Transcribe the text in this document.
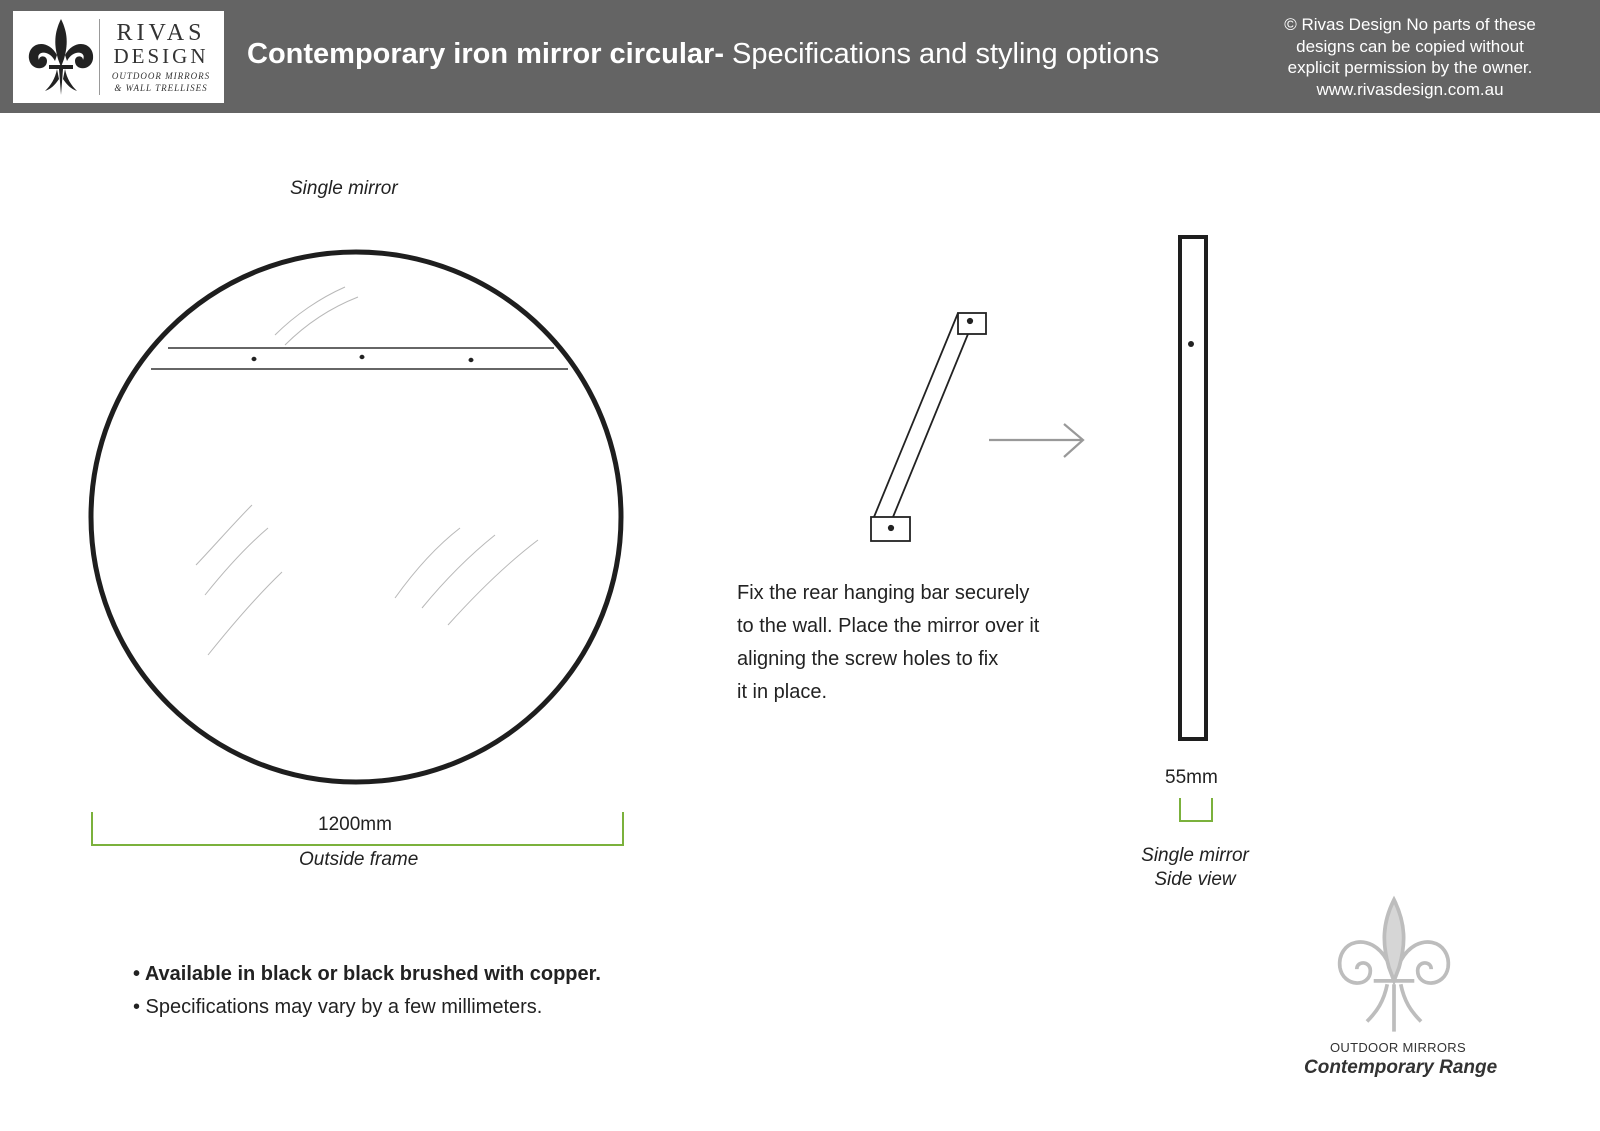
RIVAS
DESIGN
OUTDOOR MIRRORS
& WALL TRELLISES
Contemporary iron mirror circular- Specifications and styling options
© Rivas Design No parts of these
designs can be copied without
explicit permission by the owner.
www.rivasdesign.com.au
Single mirror
1200mm
Outside frame
Fix the rear hanging bar securely
to the wall. Place the mirror over it
aligning the screw holes to fix
it in place.
55mm
Single mirror
Side view
• Available in black or black brushed with copper.
• Specifications may vary by a few millimeters.
OUTDOOR MIRRORS
Contemporary Range
